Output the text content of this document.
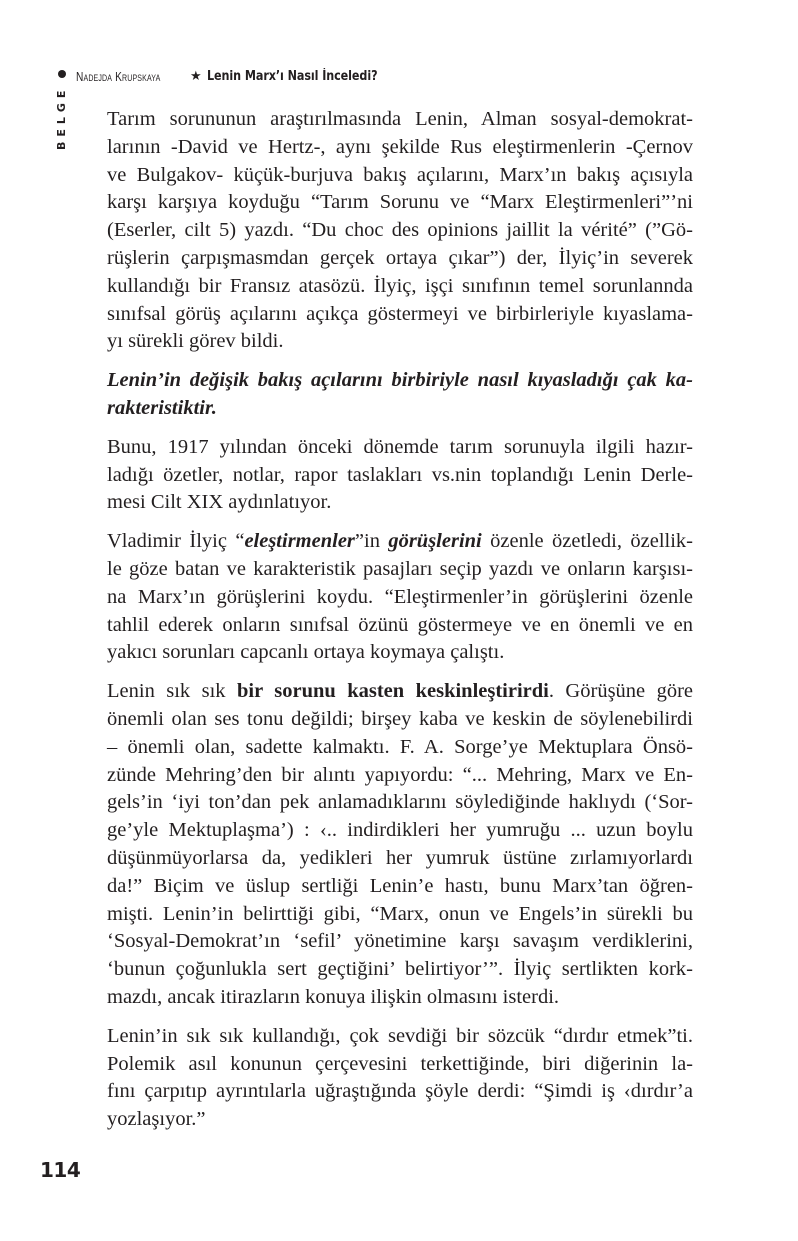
Nadejda Krupskaya	★ Lenin Marx’ı Nasıl İnceledi?
BELGE Tarım sorununun araştırılmasında Lenin, Alman sosyal-demokrat-
larının -David ve Hertz-, aynı şekilde Rus eleştirmenlerin -Çernov
ve Bulgakov- küçük-burjuva bakış açılarını, Marx’ın bakış açısıyla
karşı karşıya koyduğu “Tarım Sorunu ve “Marx Eleştirmenleri”’ni
(Eserler, cilt 5) yazdı. “Du choc des opinions jaillit la vérité” (”Gö-
rüşlerin çarpışmasmdan gerçek ortaya çıkar”) der, İlyiç’in severek
kullandığı bir Fransız atasözü. İlyiç, işçi sınıfının temel sorunlannda
sınıfsal görüş açılarını açıkça göstermeyi ve birbirleriyle kıyaslama-
yı sürekli görev bildi.
Lenin’in değişik bakış açılarını birbiriyle nasıl kıyasladığı çak ka-
rakteristiktir.
Bunu, 1917 yılından önceki dönemde tarım sorunuyla ilgili hazır-
ladığı özetler, notlar, rapor taslakları vs.nin toplandığı Lenin Derle-
mesi Cilt XIX aydınlatıyor.
Vladimir İlyiç “eleştirmenler”in görüşlerini özenle özetledi, özellik-
le göze batan ve karakteristik pasajları seçip yazdı ve onların karşısı-
na Marx’ın görüşlerini koydu. “Eleştirmenler’in görüşlerini özenle
tahlil ederek onların sınıfsal özünü göstermeye ve en önemli ve en
yakıcı sorunları capcanlı ortaya koymaya çalıştı.
Lenin sık sık bir sorunu kasten keskinleştirirdi. Görüşüne göre
önemli olan ses tonu değildi; birşey kaba ve keskin de söylenebilirdi
– önemli olan, sadette kalmaktı. F. A. Sorge’ye Mektuplara Önsö-
zünde Mehring’den bir alıntı yapıyordu: “... Mehring, Marx ve En-
gels’in ‘iyi ton’dan pek anlamadıklarını söylediğinde haklıydı (‘Sor-
ge’yle Mektuplaşma’) : ‹.. indirdikleri her yumruğu ... uzun boylu
düşünmüyorlarsa da, yedikleri her yumruk üstüne zırlamıyorlardı
da!” Biçim ve üslup sertliği Lenin’e hastı, bunu Marx’tan öğren-
mişti. Lenin’in belirttiği gibi, “Marx, onun ve Engels’in sürekli bu
‘Sosyal-Demokrat’ın ‘sefil’ yönetimine karşı savaşım verdiklerini,
‘bunun çoğunlukla sert geçtiğini’ belirtiyor’”. İlyiç sertlikten kork-
mazdı, ancak itirazların konuya ilişkin olmasını isterdi.
Lenin’in sık sık kullandığı, çok sevdiği bir sözcük “dırdır etmek”ti.
Polemik asıl konunun çerçevesini terkettiğinde, biri diğerinin la-
fını çarpıtıp ayrıntılarla uğraştığında şöyle derdi: “Şimdi iş ‹dırdır’a
yozlaşıyor.”
114
